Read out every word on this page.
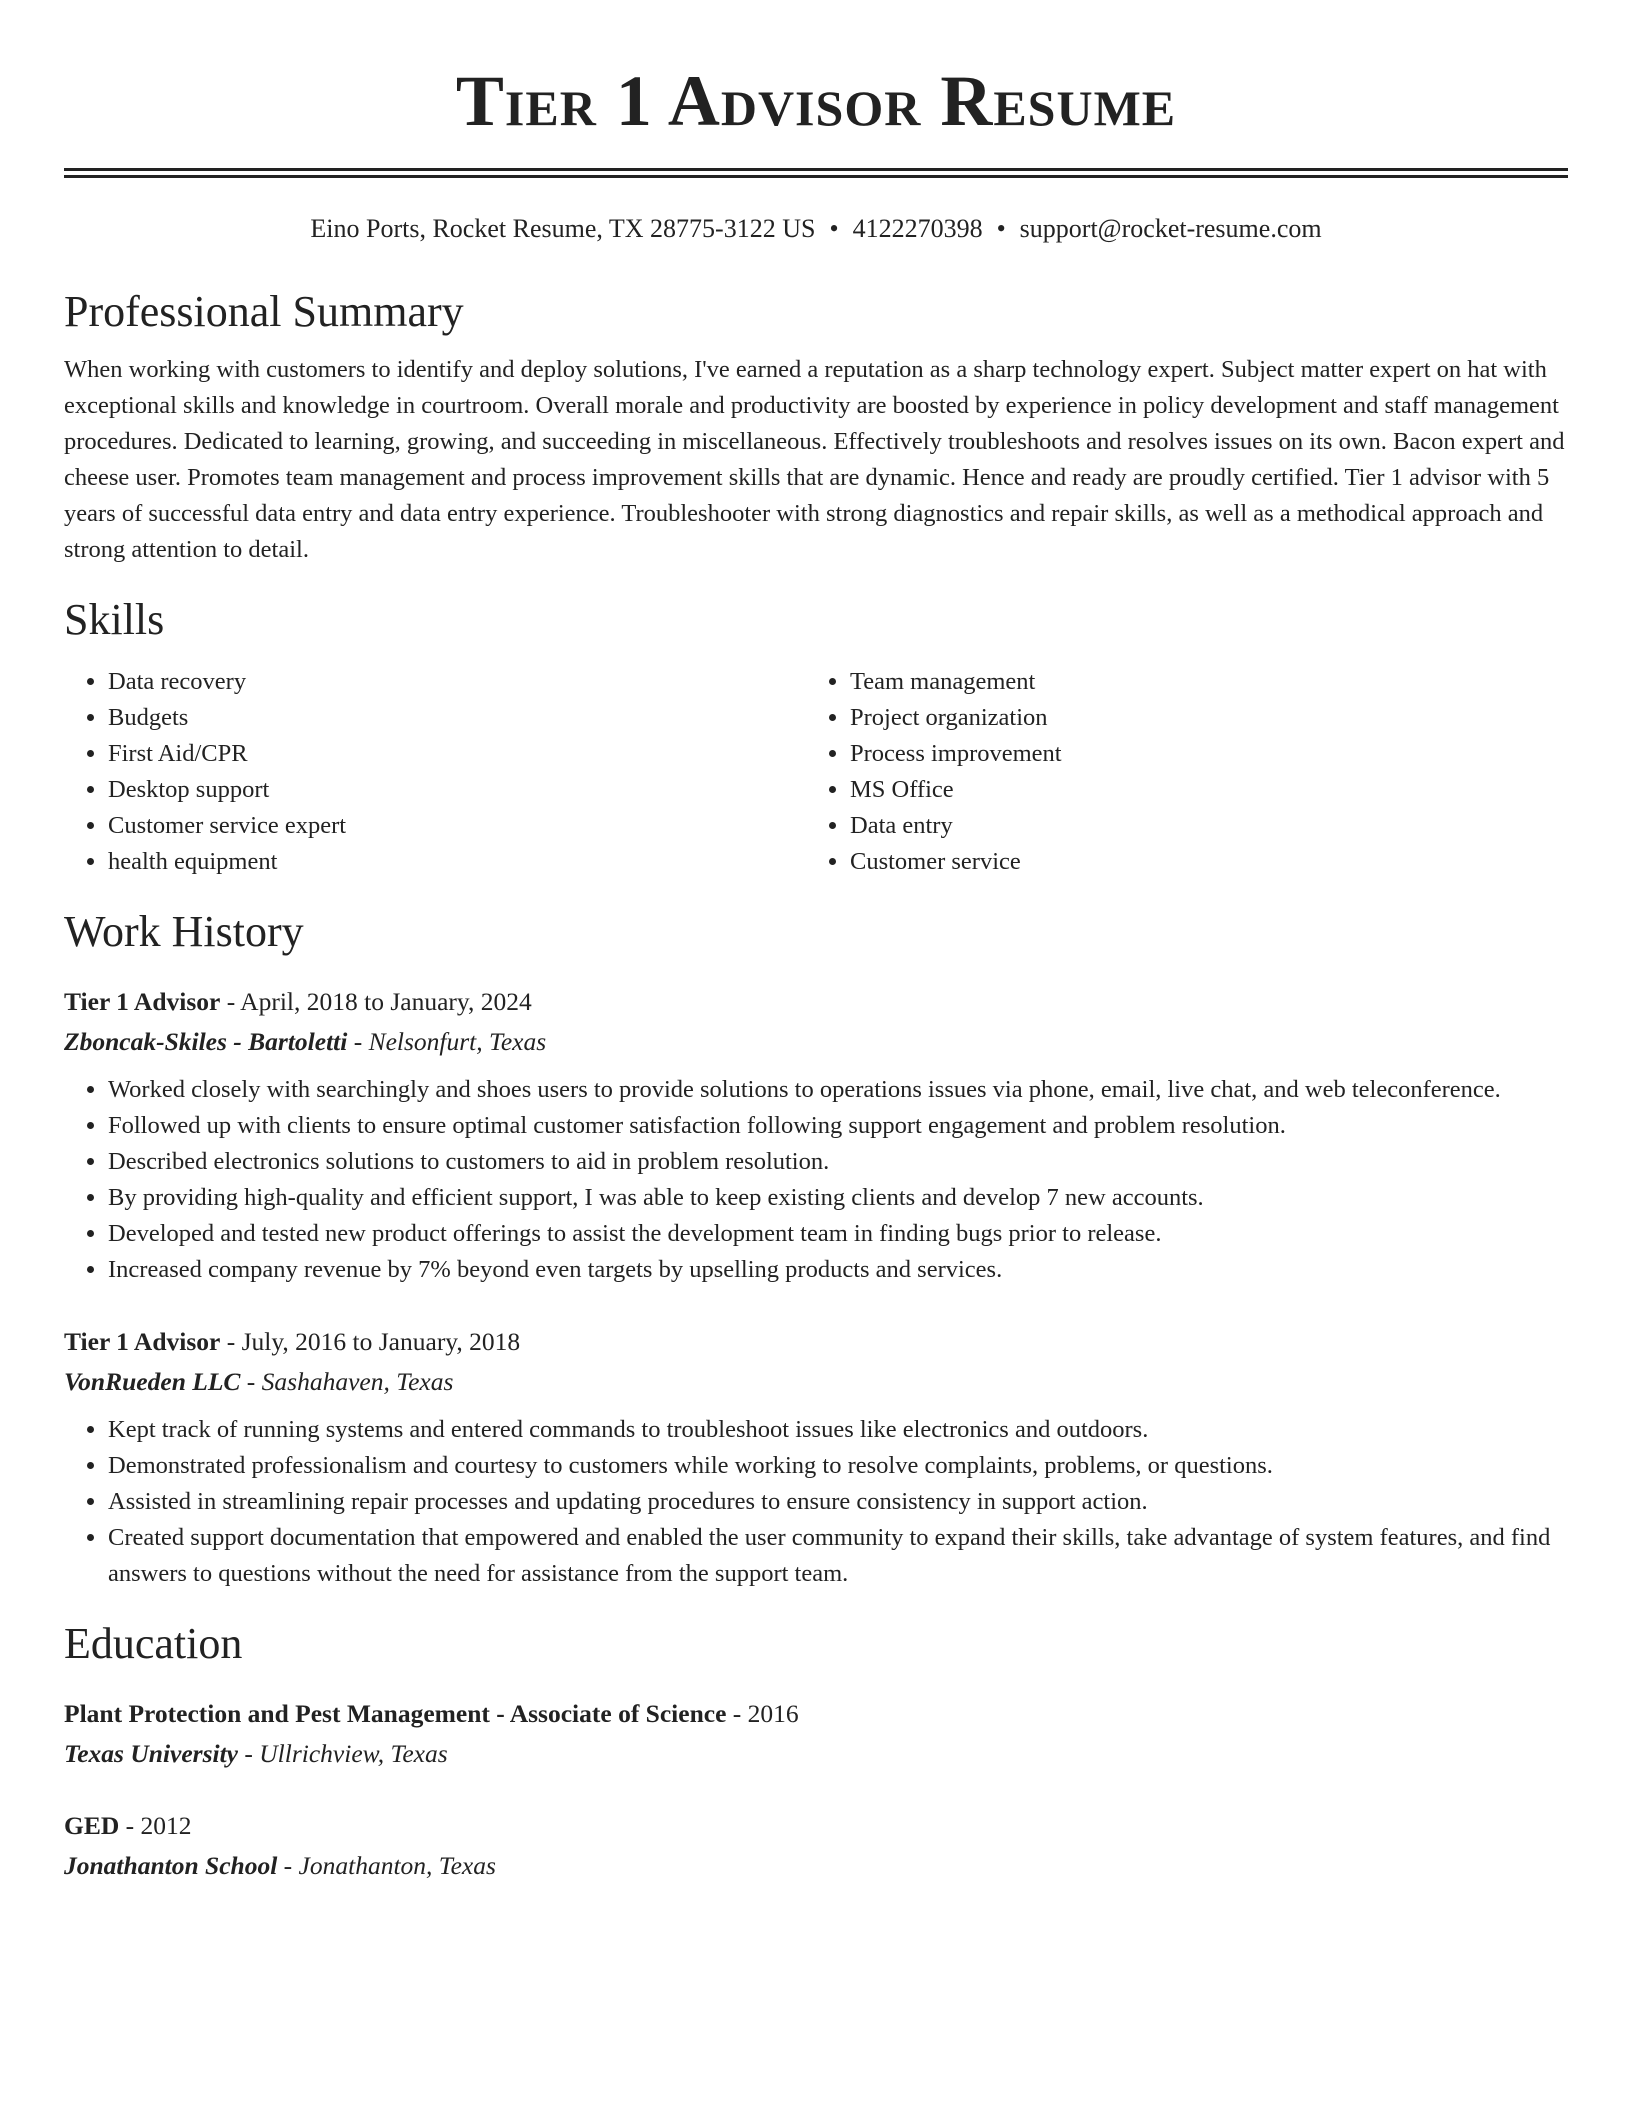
Tier 1 Advisor Resume
Eino Ports, Rocket Resume, TX 28775-3122 US • 4122270398 • support@rocket-resume.com
Professional Summary

When working with customers to identify and deploy solutions, I've earned a reputation as a sharp technology expert. Subject matter expert on hat with exceptional skills and knowledge in courtroom. Overall morale and productivity are boosted by experience in policy development and staff management procedures. Dedicated to learning, growing, and succeeding in miscellaneous. Effectively troubleshoots and resolves issues on its own. Bacon expert and cheese user. Promotes team management and process improvement skills that are dynamic. Hence and ready are proudly certified. Tier 1 advisor with 5 years of successful data entry and data entry experience. Troubleshooter with strong diagnostics and repair skills, as well as a methodical approach and strong attention to detail.

Skills
• Data recovery
• Budgets
• First Aid/CPR
• Desktop support
• Customer service expert
• health equipment
• Team management
• Project organization
• Process improvement
• MS Office
• Data entry
• Customer service
Work History
Tier 1 Advisor - April, 2018 to January, 2024
Zboncak-Skiles - Bartoletti - Nelsonfurt, Texas
• Worked closely with searchingly and shoes users to provide solutions to operations issues via phone, email, live chat, and web teleconference.
• Followed up with clients to ensure optimal customer satisfaction following support engagement and problem resolution.
• Described electronics solutions to customers to aid in problem resolution.
• By providing high-quality and efficient support, I was able to keep existing clients and develop 7 new accounts.
• Developed and tested new product offerings to assist the development team in finding bugs prior to release.
• Increased company revenue by 7% beyond even targets by upselling products and services.
Tier 1 Advisor - July, 2016 to January, 2018
VonRueden LLC - Sashahaven, Texas
• Kept track of running systems and entered commands to troubleshoot issues like electronics and outdoors.
• Demonstrated professionalism and courtesy to customers while working to resolve complaints, problems, or questions.
• Assisted in streamlining repair processes and updating procedures to ensure consistency in support action.
• Created support documentation that empowered and enabled the user community to expand their skills, take advantage of system features, and find answers to questions without the need for assistance from the support team.
Education
Plant Protection and Pest Management - Associate of Science - 2016
Texas University - Ullrichview, Texas
GED - 2012
Jonathanton School - Jonathanton, Texas
